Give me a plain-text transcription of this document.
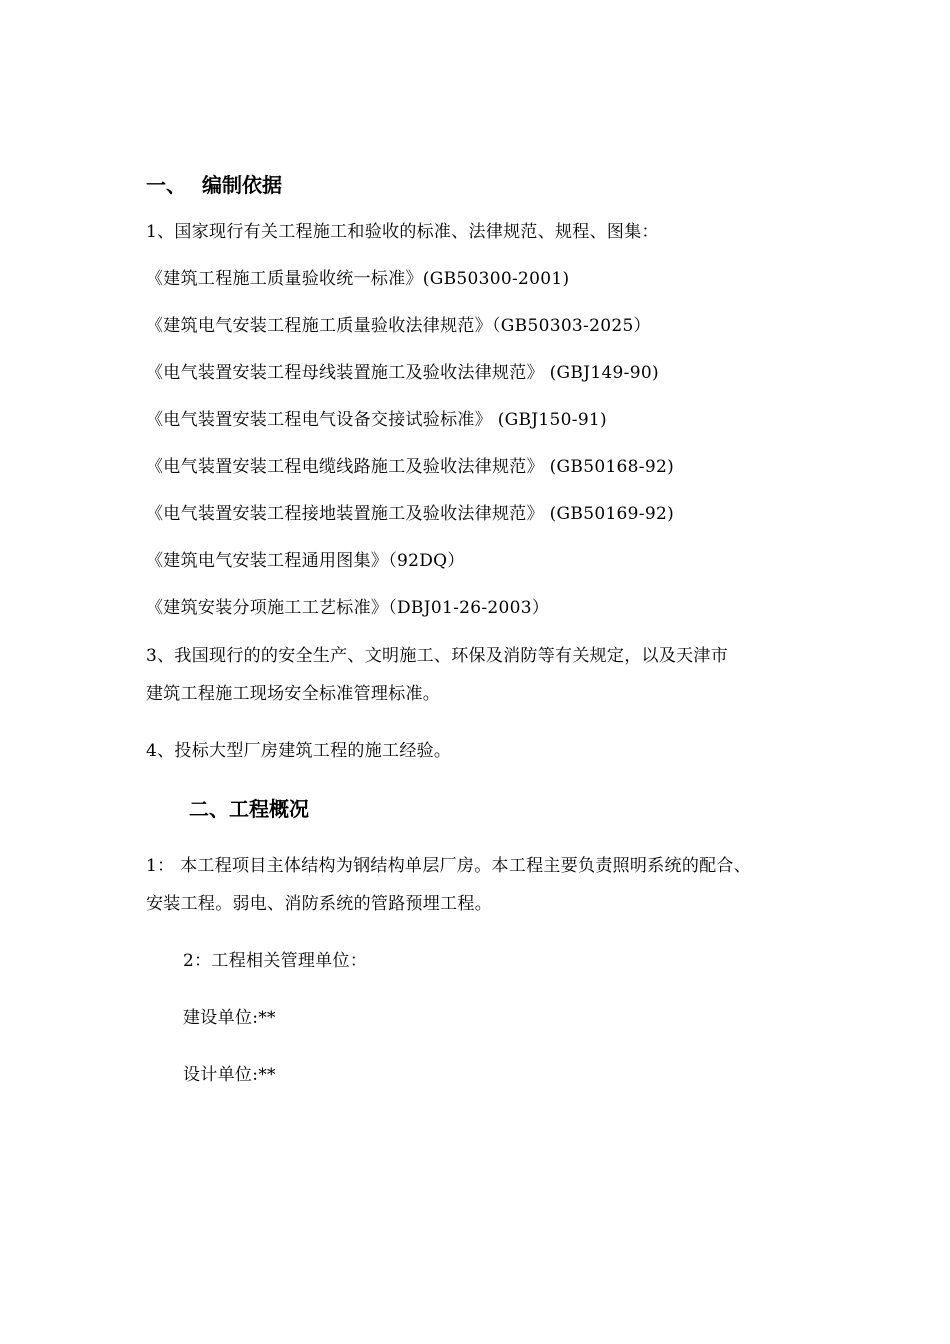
一、 编制依据
1、国家现行有关工程施工和验收的标准、法律规范、规程、图集：
《建筑工程施工质量验收统一标准》(GB50300-2001)
《建筑电气安装工程施工质量验收法律规范》（GB50303-2025）
《电气装置安装工程母线装置施工及验收法律规范》 (GBJ149-90)
《电气装置安装工程电气设备交接试验标准》 (GBJ150-91)
《电气装置安装工程电缆线路施工及验收法律规范》 (GB50168-92)
《电气装置安装工程接地装置施工及验收法律规范》 (GB50169-92)
《建筑电气安装工程通用图集》（92DQ）
《建筑安装分项施工工艺标准》（DBJ01-26-2003）
3、我国现行的的安全生产、文明施工、环保及消防等有关规定，以及天津市
建筑工程施工现场安全标准管理标准。
4、投标大型厂房建筑工程的施工经验。
二、工程概况
1： 本工程项目主体结构为钢结构单层厂房。本工程主要负责照明系统的配合、
安装工程。弱电、消防系统的管路预埋工程。
2：工程相关管理单位：
建设单位:**
设计单位:**
